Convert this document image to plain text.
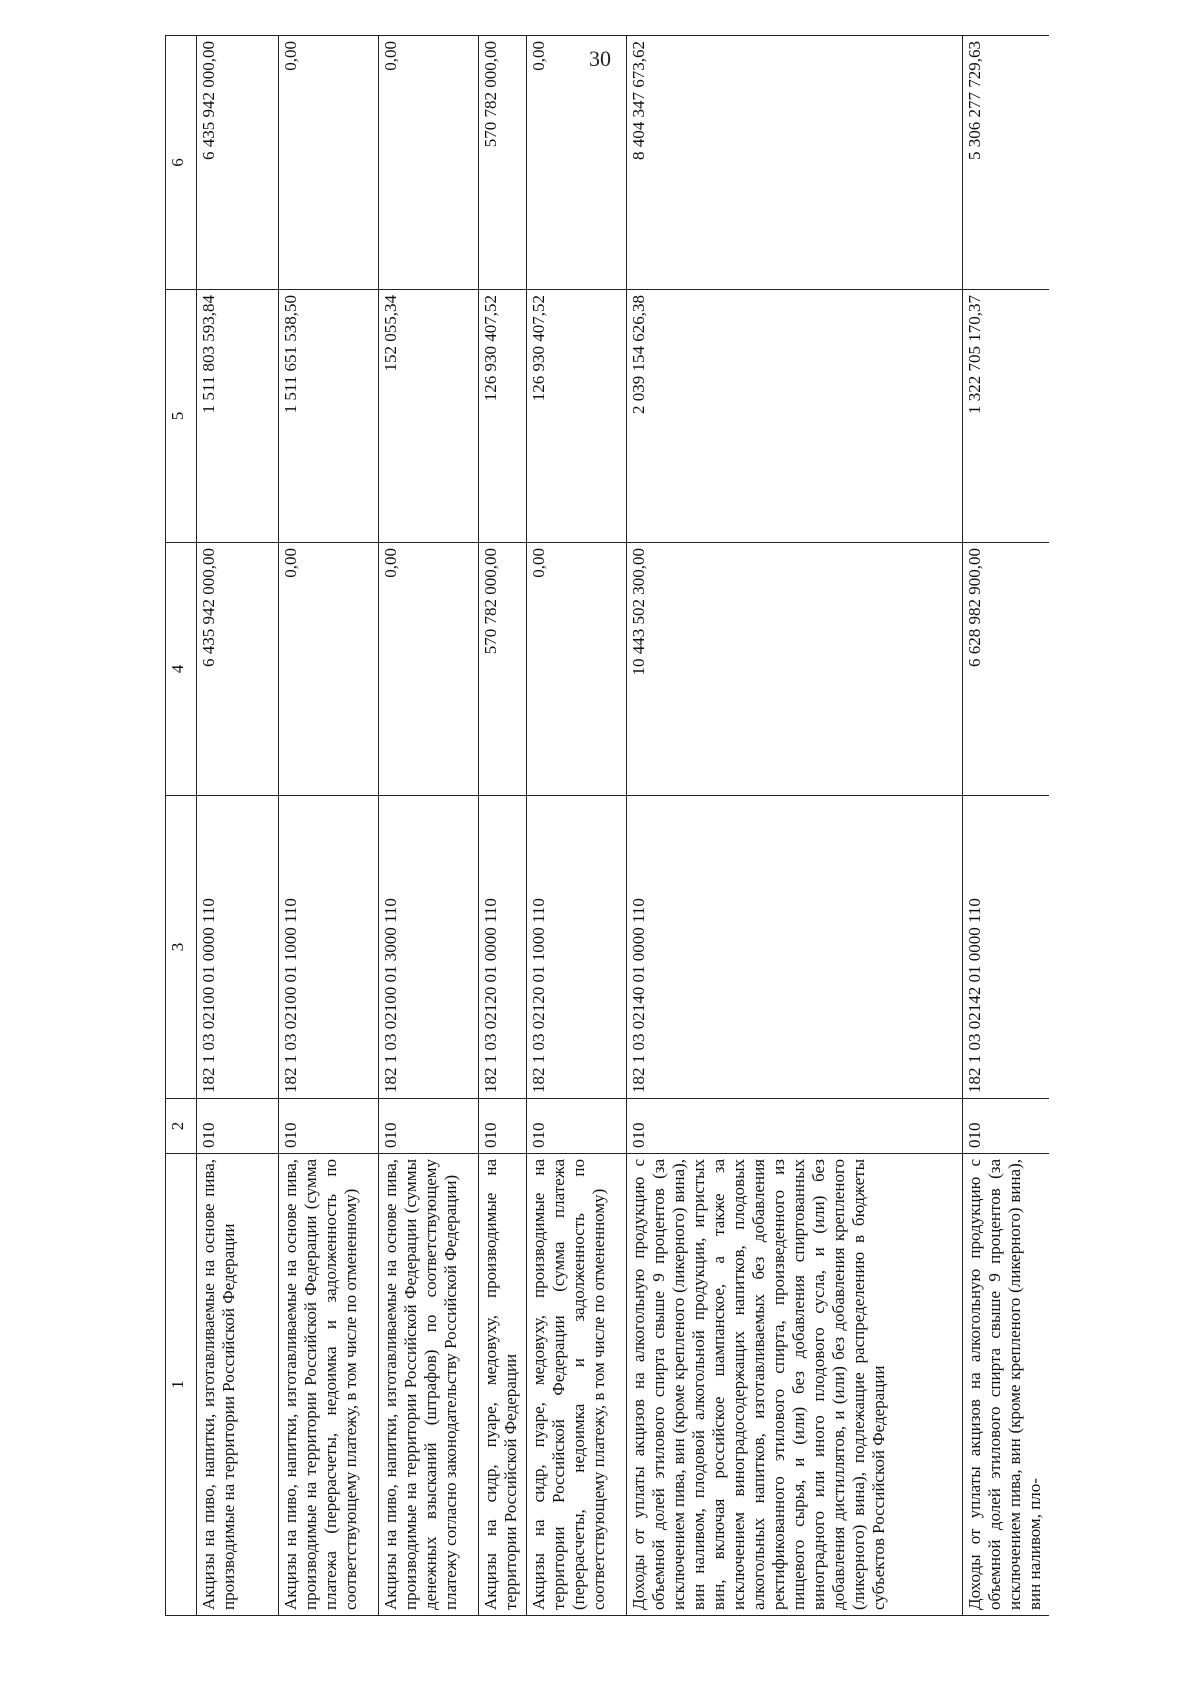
30
1	2	3	4	5	6
Акцизы на пиво, напитки, изготавливаемые на основе пива, производимые на территории Российской Федерации	010	182 1 03 02100 01 0000 110	6 435 942 000,00	1 511 803 593,84	6 435 942 000,00
Акцизы на пиво, напитки, изготавливаемые на основе пива, производимые на территории Российской Федерации (сумма платежа (перерасчеты, недоимка и задолженность по соответствующему платежу, в том числе по отмененному)	010	182 1 03 02100 01 1000 110	0,00	1 511 651 538,50	0,00
Акцизы на пиво, напитки, изготавливаемые на основе пива, производимые на территории Российской Федерации (суммы денежных взысканий (штрафов) по соответствующему платежу согласно законодательству Российской Федерации)	010	182 1 03 02100 01 3000 110	0,00	152 055,34	0,00
Акцизы на сидр, пуаре, медовуху, производимые на территории Российской Федерации	010	182 1 03 02120 01 0000 110	570 782 000,00	126 930 407,52	570 782 000,00
Акцизы на сидр, пуаре, медовуху, производимые на территории Российской Федерации (сумма платежа (перерасчеты, недоимка и задолженность по соответствующему платежу, в том числе по отмененному)	010	182 1 03 02120 01 1000 110	0,00	126 930 407,52	0,00
Доходы от уплаты акцизов на алкогольную продукцию с объемной долей этилового спирта свыше 9 процентов (за исключением пива, вин (кроме крепленого (ликерного) вина), вин наливом, плодовой алкогольной продукции, игристых вин, включая российское шампанское, а также за исключением виноградосодержащих напитков, плодовых алкогольных напитков, изготавливаемых без добавления ректификованного этилового спирта, произведенного из пищевого сырья, и (или) без добавления спиртованных виноградного или иного плодового сусла, и (или) без добавления дистиллятов, и (или) без добавления крепленого (ликерного) вина), подлежащие распределению в бюджеты субъектов Российской Федерации	010	182 1 03 02140 01 0000 110	10 443 502 300,00	2 039 154 626,38	8 404 347 673,62
Доходы от уплаты акцизов на алкогольную продукцию с объемной долей этилового спирта свыше 9 процентов (за исключением пива, вин (кроме крепленого (ликерного) вина), вин наливом, пло-	010	182 1 03 02142 01 0000 110	6 628 982 900,00	1 322 705 170,37	5 306 277 729,63
